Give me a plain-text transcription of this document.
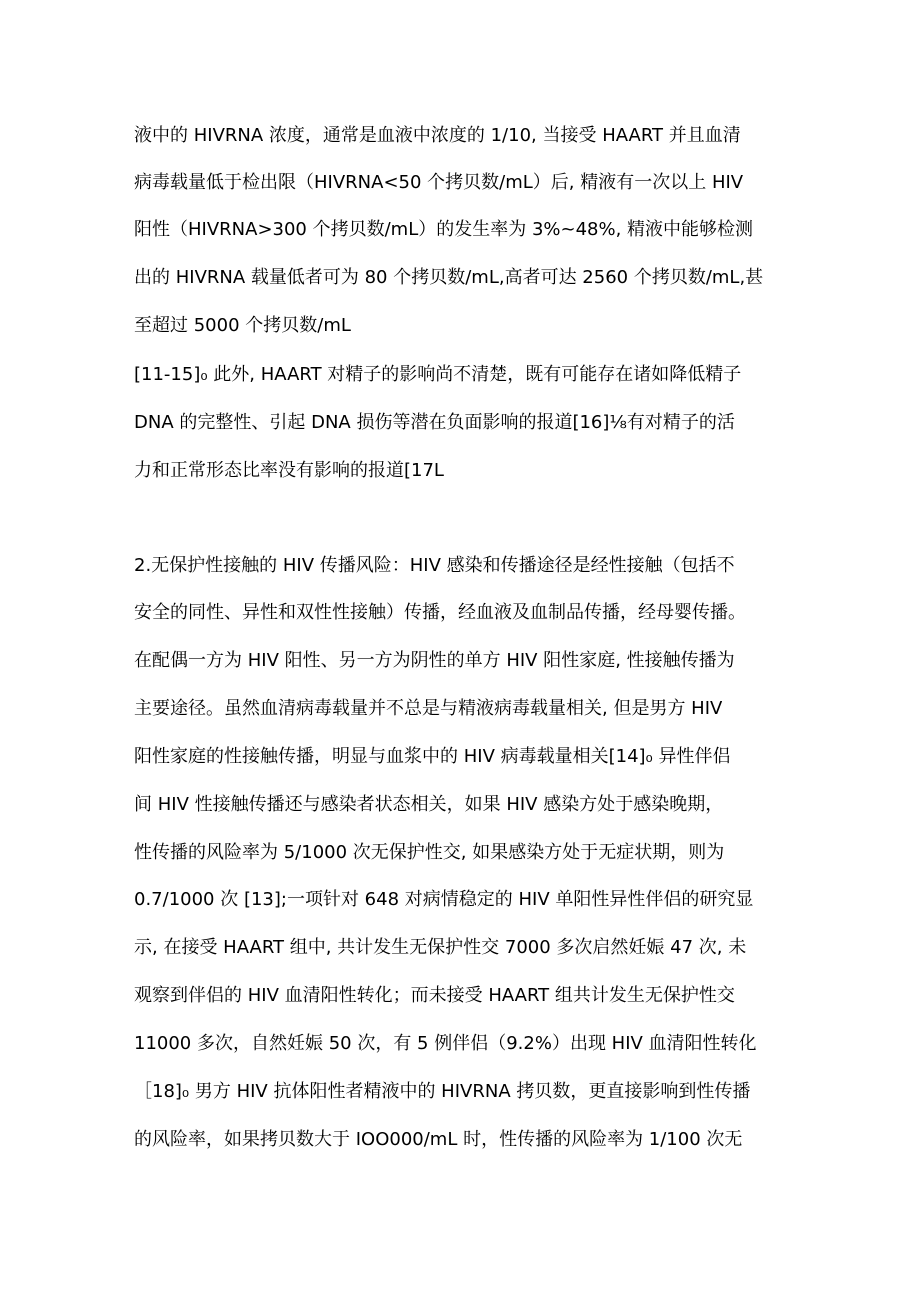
液中的 HIVRNA 浓度，通常是血液中浓度的 1/10, 当接受 HAART 并且血清
病毒载量低于检出限（HIVRNA<50 个拷贝数/mL）后, 精液有一次以上 HIV
阳性（HIVRNA>300 个拷贝数/mL）的发生率为 3%~48%, 精液中能够检测
出的 HIVRNA 载量低者可为 80 个拷贝数/mL,高者可达 2560 个拷贝数/mL,甚
至超过 5000 个拷贝数/mL
[11-15]₀ 此外, HAART 对精子的影响尚不清楚，既有可能存在诸如降低精子
DNA 的完整性、引起 DNA 损伤等潜在负面影响的报道[16]⅛有对精子的活
力和正常形态比率没有影响的报道[17L
2.无保护性接触的 HIV 传播风险：HIV 感染和传播途径是经性接触（包括不
安全的同性、异性和双性性接触）传播，经血液及血制品传播，经母婴传播。
在配偶一方为 HIV 阳性、另一方为阴性的单方 HIV 阳性家庭, 性接触传播为
主要途径。虽然血清病毒载量并不总是与精液病毒载量相关, 但是男方 HIV
阳性家庭的性接触传播，明显与血浆中的 HIV 病毒载量相关[14]₀ 异性伴侣
间 HIV 性接触传播还与感染者状态相关，如果 HIV 感染方处于感染晚期，
性传播的风险率为 5/1000 次无保护性交, 如果感染方处于无症状期，则为
0.7/1000 次 [13];一项针对 648 对病情稳定的 HIV 单阳性异性伴侣的研究显
示, 在接受 HAART 组中, 共计发生无保护性交 7000 多次启然妊娠 47 次, 未
观察到伴侣的 HIV 血清阳性转化；而未接受 HAART 组共计发生无保护性交
11000 多次，自然妊娠 50 次，有 5 例伴侣（9.2%）出现 HIV 血清阳性转化
［18]₀ 男方 HIV 抗体阳性者精液中的 HIVRNA 拷贝数，更直接影响到性传播
的风险率，如果拷贝数大于 IOO000/mL 时，性传播的风险率为 1/100 次无
